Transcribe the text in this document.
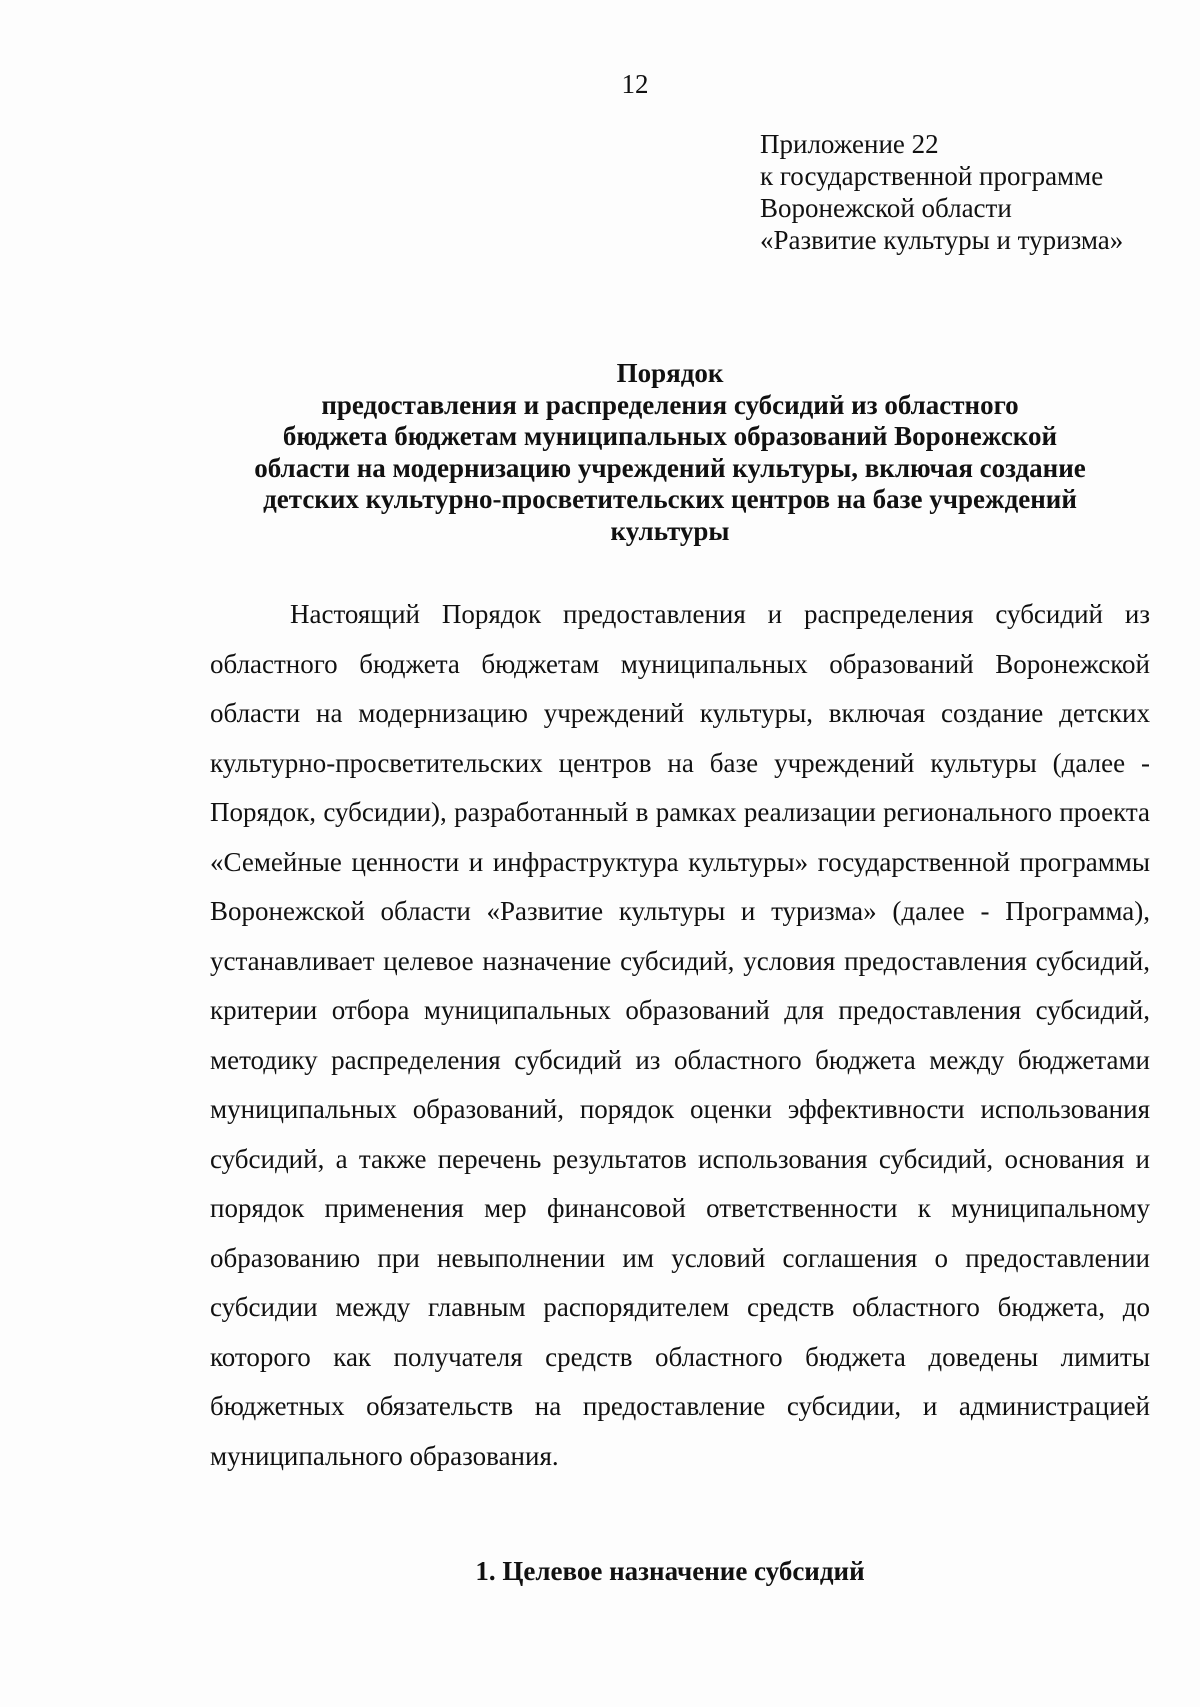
12
Приложение 22
к государственной программе
Воронежской области
«Развитие культуры и туризма»
Порядок
предоставления и распределения субсидий из областного
бюджета бюджетам муниципальных образований Воронежской
области на модернизацию учреждений культуры, включая создание
детских культурно-просветительских центров на базе учреждений
культуры

Настоящий Порядок предоставления и распределения субсидий из областного бюджета бюджетам муниципальных образований Воронежской области на модернизацию учреждений культуры, включая создание детских культурно-просветительских центров на базе учреждений культуры (далее - Порядок, субсидии), разработанный в рамках реализации регионального проекта «Семейные ценности и инфраструктура культуры» государственной программы Воронежской области «Развитие культуры и туризма» (далее - Программа), устанавливает целевое назначение субсидий, условия предоставления субсидий, критерии отбора муниципальных образований для предоставления субсидий, методику распределения субсидий из областного бюджета между бюджетами муниципальных образований, порядок оценки эффективности использования субсидий, а также перечень результатов использования субсидий, основания и порядок применения мер финансовой ответственности к муниципальному образованию при невыполнении им условий соглашения о предоставлении субсидии между главным распорядителем средств областного бюджета, до которого как получателя средств областного бюджета доведены лимиты бюджетных обязательств на предоставление субсидии, и администрацией муниципального образования.

1. Целевое назначение субсидий
